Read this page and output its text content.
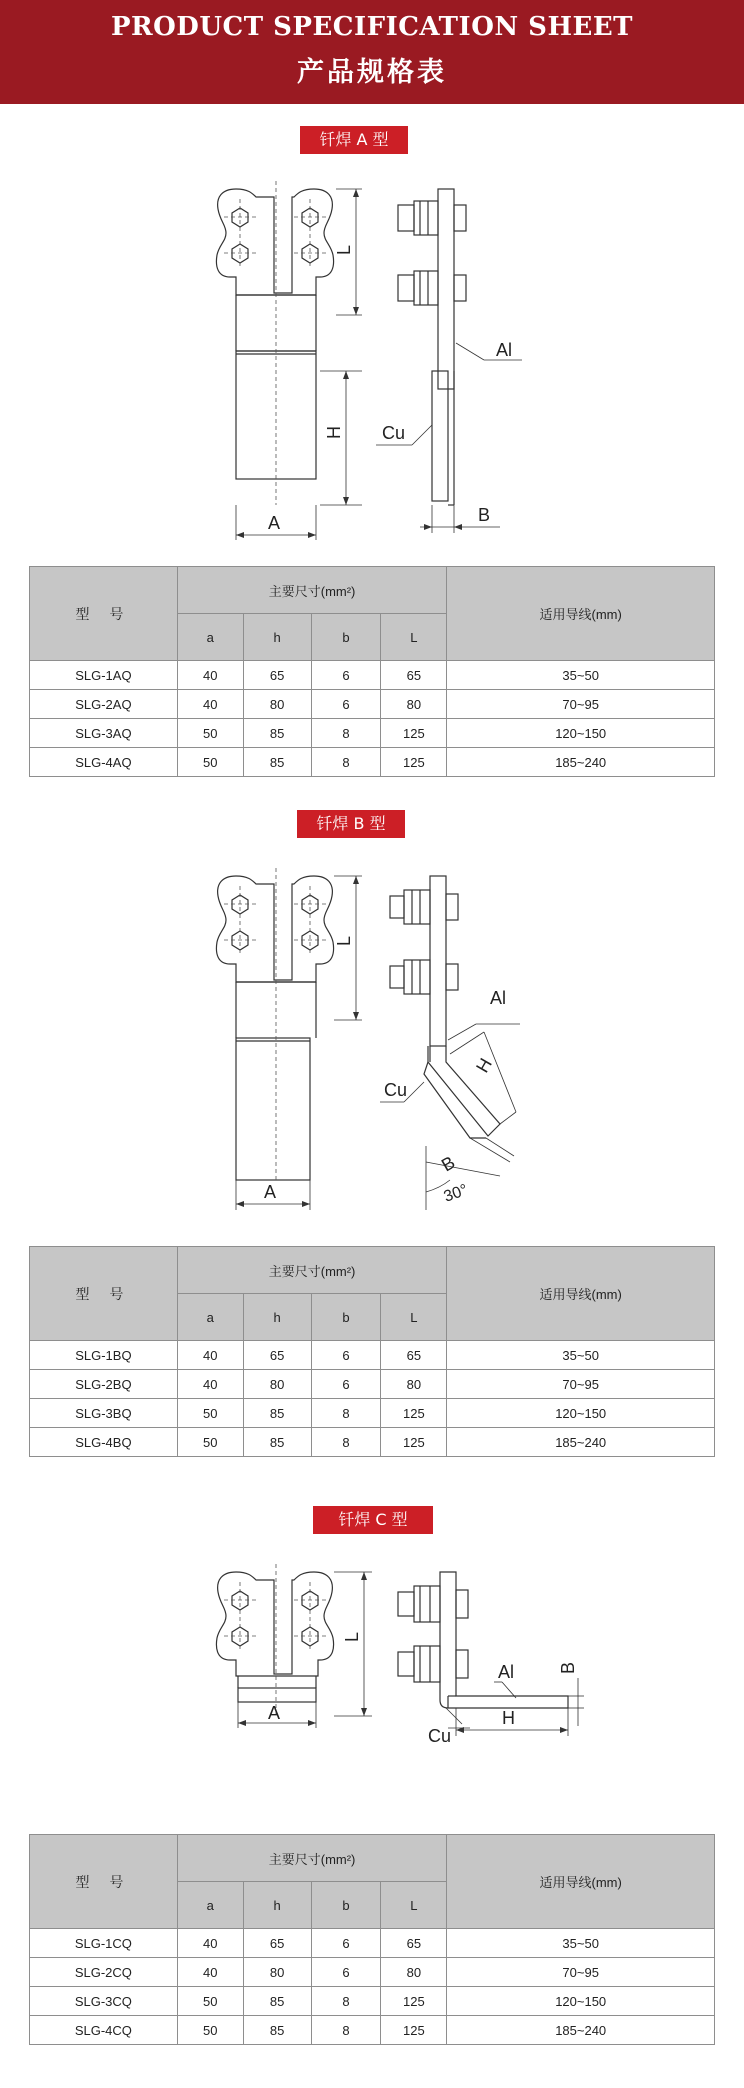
PRODUCT SPECIFICATION SHEET
产品规格表
钎焊 A 型
L
H
A
Al
Cu
B
型 号	主要尺寸(mm²)				适用导线(mm)
	a	h	b	L	
SLG-1AQ	40	65	6	65	35~50
SLG-2AQ	40	80	6	80	70~95
SLG-3AQ	50	85	8	125	120~150
SLG-4AQ	50	85	8	125	185~240
钎焊 B 型
L
A
Al
Cu
H
B
30°
型 号	主要尺寸(mm²)				适用导线(mm)
	a	h	b	L	
SLG-1BQ	40	65	6	65	35~50
SLG-2BQ	40	80	6	80	70~95
SLG-3BQ	50	85	8	125	120~150
SLG-4BQ	50	85	8	125	185~240
钎焊 C 型
L
A
Al
Cu
H
B
型 号	主要尺寸(mm²)				适用导线(mm)
	a	h	b	L	
SLG-1CQ	40	65	6	65	35~50
SLG-2CQ	40	80	6	80	70~95
SLG-3CQ	50	85	8	125	120~150
SLG-4CQ	50	85	8	125	185~240
